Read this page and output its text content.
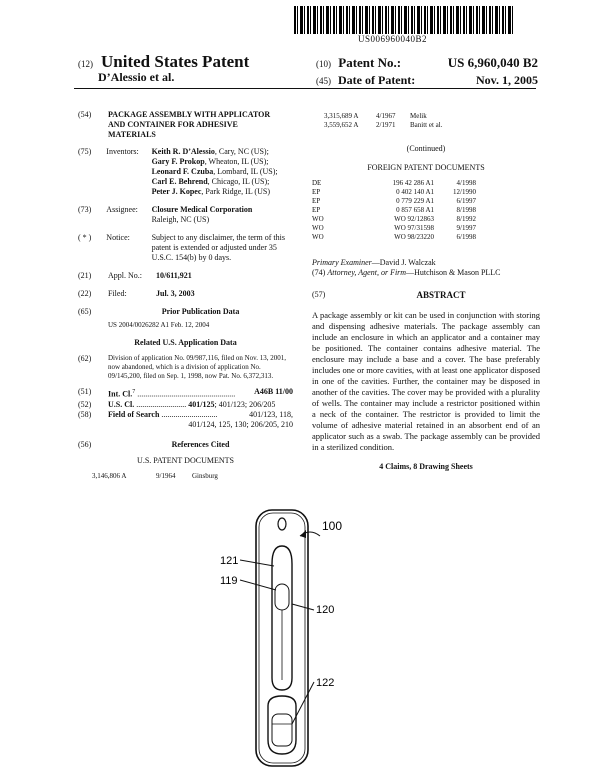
US006960040B2
(12) United States Patent
D’Alessio et al.
(10) Patent No.:	US 6,960,040 B2
(45) Date of Patent:	Nov. 1, 2005
(54)	PACKAGE ASSEMBLY WITH APPLICATOR AND CONTAINER FOR ADHESIVE MATERIALS
(75)	Inventors:	Keith R. D’Alessio, Cary, NC (US);
Gary F. Prokop, Wheaton, IL (US);
Leonard F. Czuba, Lombard, IL (US);
Carl E. Behrend, Chicago, IL (US);
Peter J. Kopec, Park Ridge, IL (US)
(73)	Assignee:	Closure Medical Corporation
Raleigh, NC (US)
( * )	Notice:	Subject to any disclaimer, the term of this patent is extended or adjusted under 35 U.S.C. 154(b) by 0 days.
(21)	Appl. No.:	10/611,921
(22)	Filed:	Jul. 3, 2003
(65)	Prior Publication Data
US 2004/0026282 A1 Feb. 12, 2004
Related U.S. Application Data
(62)	Division of application No. 09/987,116, filed on Nov. 13, 2001, now abandoned, which is a division of application No. 09/145,200, filed on Sep. 1, 1998, now Pat. No. 6,372,313.
(51)	Int. Cl.$^7$ ................................................. A46B 11/00
(52)	U.S. Cl. ......................... 401/125; 401/123; 206/205
(58)	Field of Search ............................	401/123, 118,
401/124, 125, 130; 206/205, 210
(56)	References Cited
U.S. PATENT DOCUMENTS
3,146,806 A	9/1964	Ginsburg
3,315,689 A	4/1967	Melik
3,559,652 A	2/1971	Banitt et al.
(Continued)
FOREIGN PATENT DOCUMENTS
DE	196 42 286 A1	4/1998
EP	0 402 140 A1	12/1990
EP	0 779 229 A1	6/1997
EP	0 857 658 A1	8/1998
WO	WO 92/12863	8/1992
WO	WO 97/31598	9/1997
WO	WO 98/23220	6/1998
Primary Examiner—David J. Walczak
(74) Attorney, Agent, or Firm—Hutchison & Mason PLLC
(57)	ABSTRACT
A package assembly or kit can be used in conjunction with storing and dispensing adhesive materials. The package assembly can include an enclosure in which an applicator and a container may be positioned. The container contains adhesive material. The enclosure may include a base and a cover. The base preferably includes one or more cavities, with at least one applicator disposed in one of the cavities. Further, the container may be disposed in another of the cavities. The cover may be provided with a plurality of wells. The container may include a restrictor positioned within a neck of the container. The restrictor is provided to limit the volume of adhesive material retained in an absorbent end of an applicator such as a swab. The package assembly can be provided in a sterilized condition.
4 Claims, 8 Drawing Sheets
100
121
119
120
122
